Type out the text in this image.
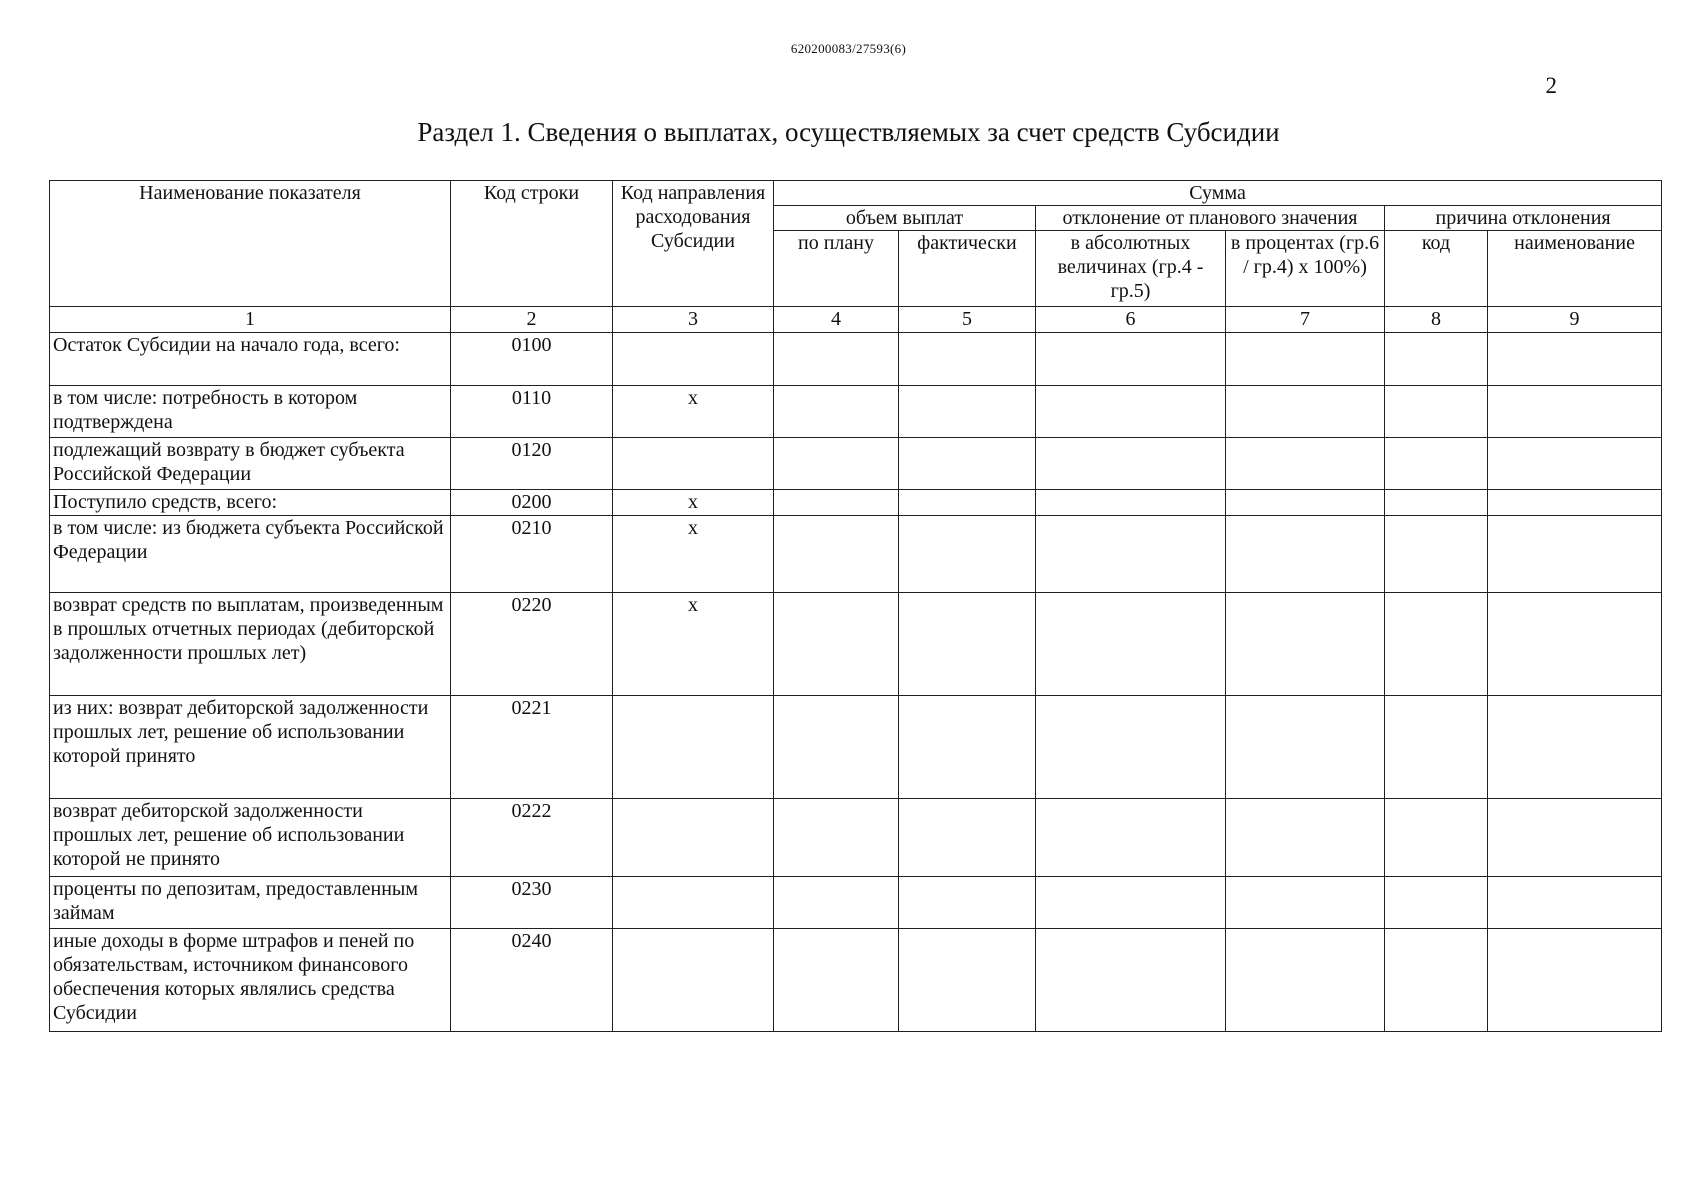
620200083/27593(6)
2
Раздел 1. Сведения о выплатах, осуществляемых за счет средств Субсидии
Наименование показателя	Код строки	Код направления расходования Субсидии	Сумма					
			объем выплат		отклонение от планового значения		причина отклонения	
			по плану	фактически	в абсолютных величинах (гр.4 - гр.5)	в процентах (гр.6 / гр.4) х 100%)	код	наименование
1	2	3	4	5	6	7	8	9
Остаток Субсидии на начало года, всего:	0100							
в том числе: потребность в котором подтверждена	0110	х						
подлежащий возврату в бюджет субъекта Российской Федерации	0120							
Поступило средств, всего:	0200	х						
в том числе: из бюджета субъекта Российской Федерации	0210	х						
возврат средств по выплатам, произведенным в прошлых отчетных периодах (дебиторской задолженности прошлых лет)	0220	х						
из них: возврат дебиторской задолженности прошлых лет, решение об использовании которой принято	0221							
возврат дебиторской задолженности прошлых лет, решение об использовании которой не принято	0222							
проценты по депозитам, предоставленным займам	0230							
иные доходы в форме штрафов и пеней по обязательствам, источником финансового обеспечения которых являлись средства Субсидии	0240							
